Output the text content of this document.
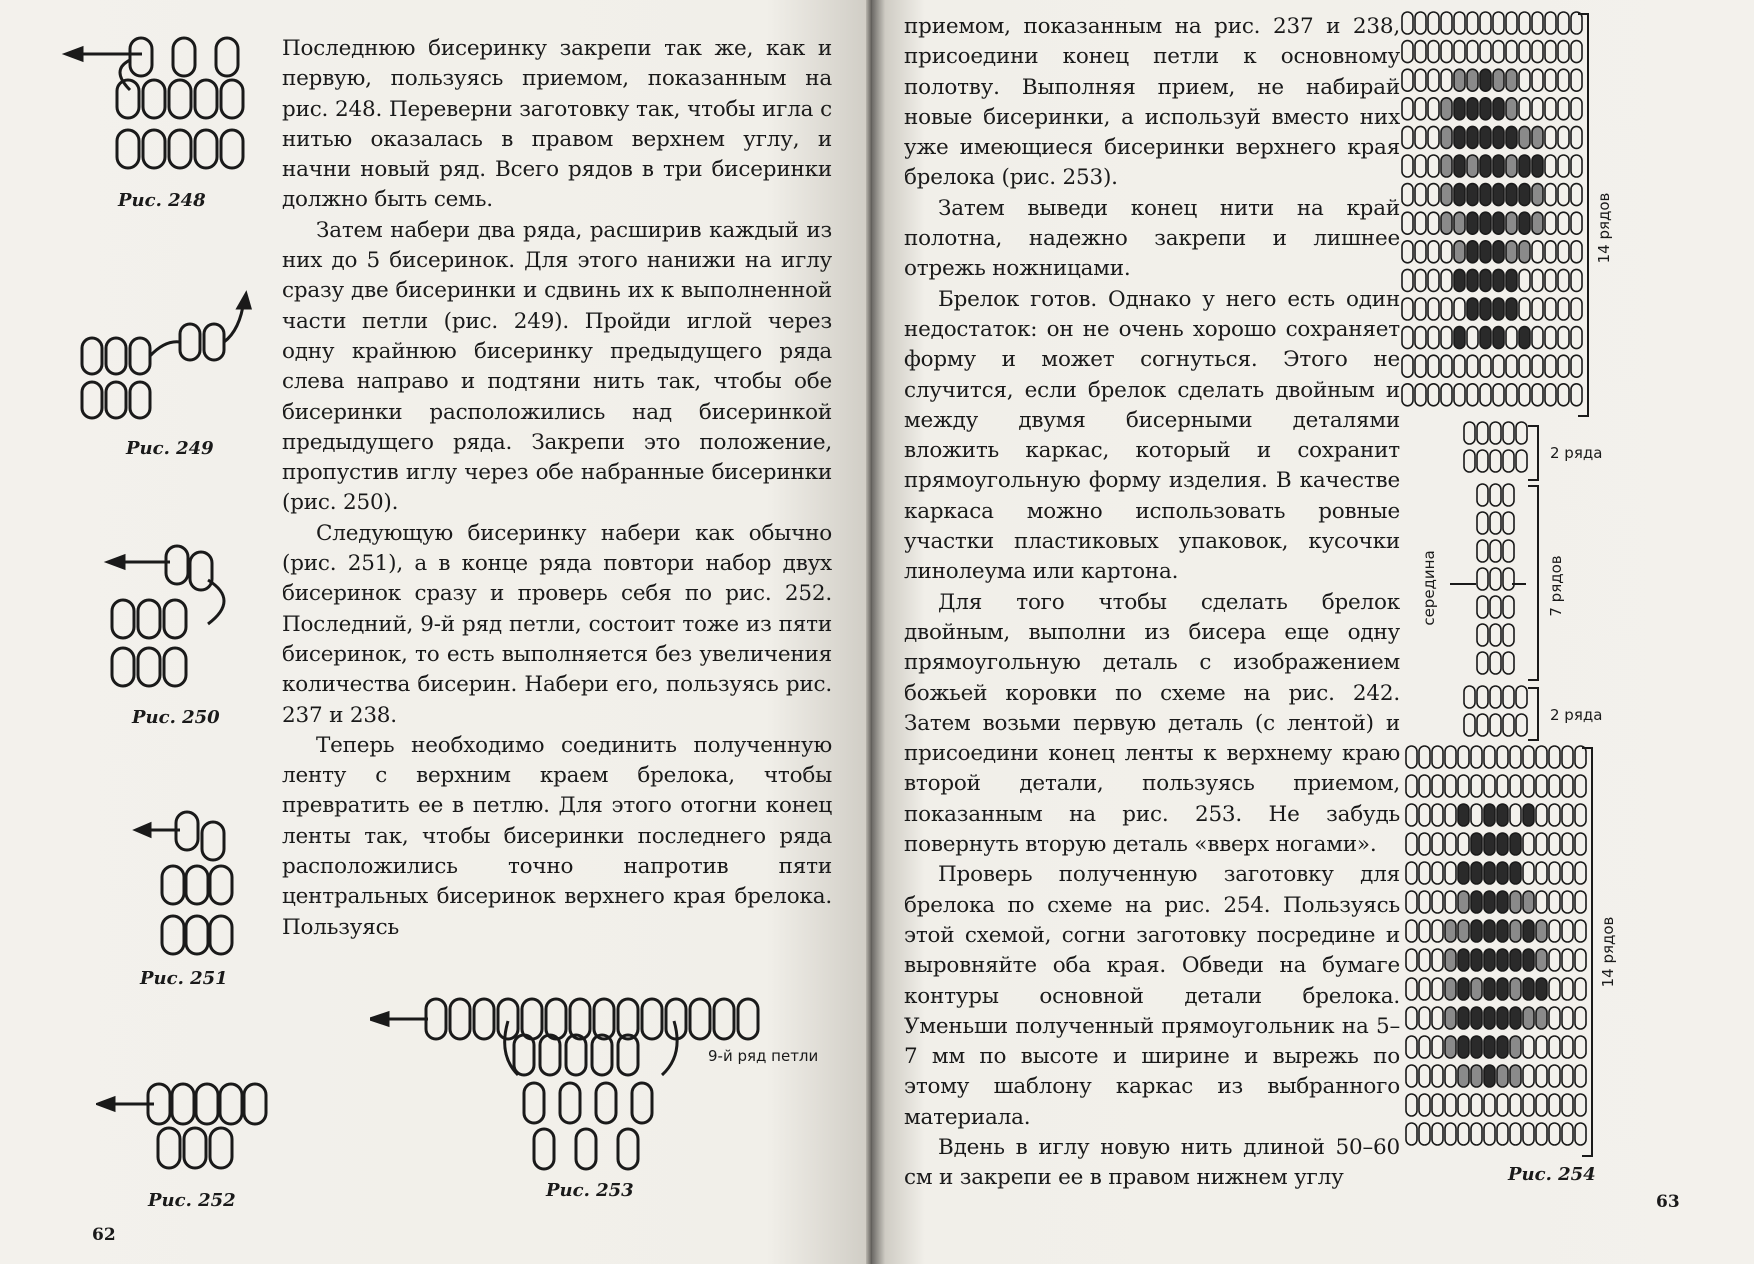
Последнюю бисеринку закрепи так же, как и первую, пользуясь приемом, показанным на рис. 248. Переверни заготовку так, чтобы игла с нитью оказалась в правом верхнем углу, и начни новый ряд. Всего рядов в три бисеринки должно быть семь.

Затем набери два ряда, расширив каждый из них до 5 бисеринок. Для этого нанижи на иглу сразу две бисеринки и сдвинь их к выполненной части петли (рис. 249). Пройди иглой через одну крайнюю бисеринку предыдущего ряда слева направо и подтяни нить так, чтобы обе бисеринки расположились над бисеринкой предыдущего ряда. Закрепи это положение, пропустив иглу через обе набранные бисеринки (рис. 250).

Следующую бисеринку набери как обычно (рис. 251), а в конце ряда повтори набор двух бисеринок сразу и проверь себя по рис. 252. Последний, 9-й ряд петли, состоит тоже из пяти бисеринок, то есть выполняется без увеличения количества бисерин. Набери его, пользуясь рис. 237 и 238.

Теперь необходимо соединить полученную ленту с верхним краем брелока, чтобы превратить ее в петлю. Для этого отогни конец ленты так, чтобы бисеринки последнего ряда расположились точно напротив пяти центральных бисеринок верхнего края брелока. Пользуясь

Рис. 248
Рис. 249
Рис. 250
Рис. 251
Рис. 252
9-й ряд петли
Рис. 253
62

приемом, показанным на рис. 237 и 238, присоедини конец петли к основному полотву. Выполняя прием, не набирай новые бисеринки, а используй вместо них уже имеющиеся бисеринки верхнего края брелока (рис. 253).

Затем выведи конец нити на край полотна, надежно закрепи и лишнее отрежь ножницами.

Брелок готов. Однако у него есть один недостаток: он не очень хорошо сохраняет форму и может согнуться. Этого не случится, если брелок сделать двойным и между двумя бисерными деталями вложить каркас, который и сохранит прямоугольную форму изделия. В качестве каркаса можно использовать ровные участки пластиковых упаковок, кусочки линолеума или картона.

Для того чтобы сделать брелок двойным, выполни из бисера еще одну прямоугольную деталь с изображением божьей коровки по схеме на рис. 242. Затем возьми первую деталь (с лентой) и присоедини конец ленты к верхнему краю второй детали, пользуясь приемом, показанным на рис. 253. Не забудь повернуть вторую деталь «вверх ногами».

Проверь полученную заготовку для брелока по схеме на рис. 254. Пользуясь этой схемой, согни заготовку посредине и выровняйте оба края. Обведи на бумаге контуры основной детали брелока. Уменьши полученный прямоугольник на 5–7 мм по высоте и ширине и вырежь по этому шаблону каркас из выбранного материала.

Вдень в иглу новую нить длиной 50–60 см и закрепи ее в правом нижнем углу

14 рядов
2 ряда
7 рядов
середина
2 ряда
14 рядов
Рис. 254
63
